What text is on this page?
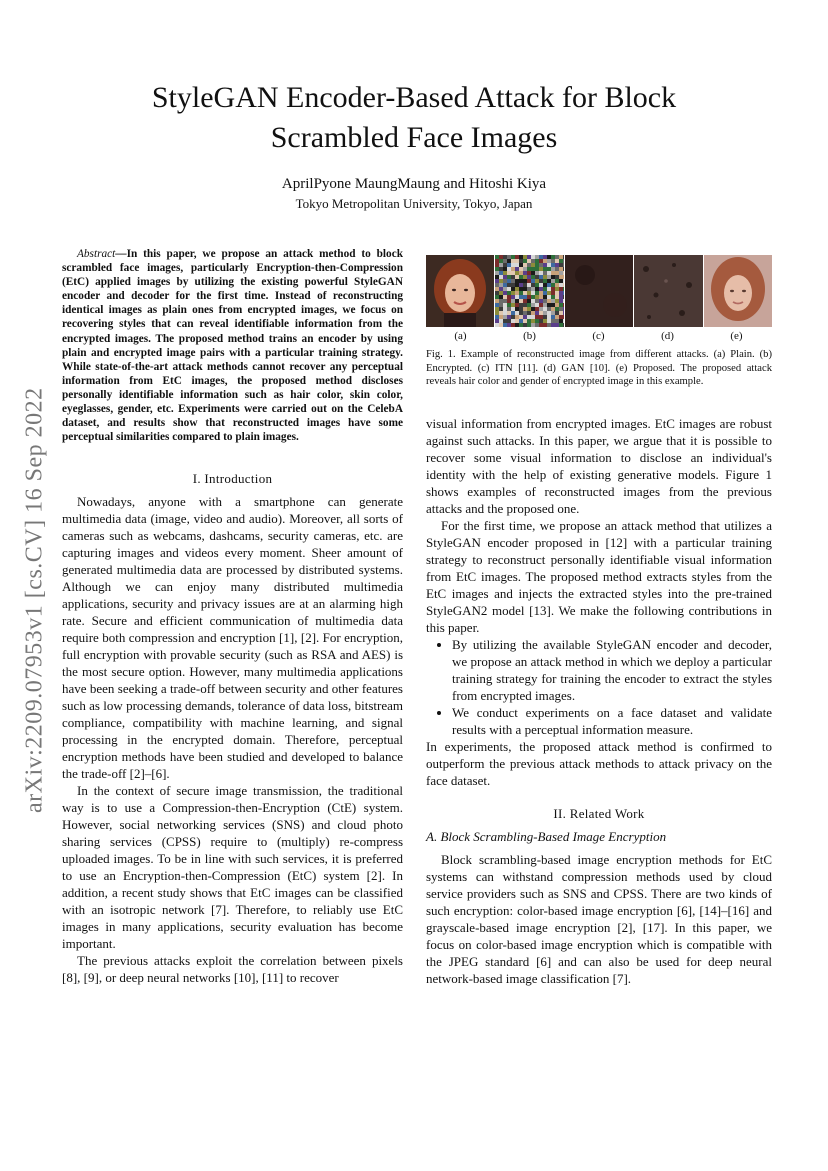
StyleGAN Encoder-Based Attack for Block
Scrambled Face Images
AprilPyone MaungMaung and Hitoshi Kiya
Tokyo Metropolitan University, Tokyo, Japan
arXiv:2209.07953v1 [cs.CV] 16 Sep 2022
Abstract—In this paper, we propose an attack method to block scrambled face images, particularly Encryption-then-Compression (EtC) applied images by utilizing the existing powerful StyleGAN encoder and decoder for the first time. Instead of reconstructing identical images as plain ones from encrypted images, we focus on recovering styles that can reveal identifiable information from the encrypted images. The proposed method trains an encoder by using plain and encrypted image pairs with a particular training strategy. While state-of-the-art attack methods cannot recover any perceptual information from EtC images, the proposed method discloses personally identifiable information such as hair color, skin color, eyeglasses, gender, etc. Experiments were carried out on the CelebA dataset, and results show that reconstructed images have some perceptual similarities compared to plain images.
I. Introduction

Nowadays, anyone with a smartphone can generate multimedia data (image, video and audio). Moreover, all sorts of cameras such as webcams, dashcams, security cameras, etc. are capturing images and videos every moment. Sheer amount of generated multimedia data are processed by distributed systems. Although we can enjoy many distributed multimedia applications, security and privacy issues are at an alarming high rate. Secure and efficient communication of multimedia data require both compression and encryption [1], [2]. For encryption, full encryption with provable security (such as RSA and AES) is the most secure option. However, many multimedia applications have been seeking a trade-off between security and other features such as low processing demands, tolerance of data loss, bitstream compliance, compatibility with machine learning, and signal processing in the encrypted domain. Therefore, perceptual encryption methods have been studied and developed to balance the trade-off [2]–[6].

In the context of secure image transmission, the traditional way is to use a Compression-then-Encryption (CtE) system. However, social networking services (SNS) and cloud photo sharing services (CPSS) require to (multiply) re-compress uploaded images. To be in line with such services, it is preferred to use an Encryption-then-Compression (EtC) system [2]. In addition, a recent study shows that EtC images can be classified with an isotropic network [7]. Therefore, to reliably use EtC images in many applications, security evaluation has become important.

The previous attacks exploit the correlation between pixels [8], [9], or deep neural networks [10], [11] to recover

(a)	(b)	(c)	(d)	(e)
Fig. 1. Example of reconstructed image from different attacks. (a) Plain. (b) Encrypted. (c) ITN [11]. (d) GAN [10]. (e) Proposed. The proposed attack reveals hair color and gender of encrypted image in this example.

visual information from encrypted images. EtC images are robust against such attacks. In this paper, we argue that it is possible to recover some visual information to disclose an individual's identity with the help of existing generative models. Figure 1 shows examples of reconstructed images from the previous attacks and the proposed one.

For the first time, we propose an attack method that utilizes a StyleGAN encoder proposed in [12] with a particular training strategy to reconstruct personally identifiable visual information from EtC images. The proposed method extracts styles from the EtC images and injects the extracted styles into the pre-trained StyleGAN2 model [13]. We make the following contributions in this paper.

• By utilizing the available StyleGAN encoder and decoder, we propose an attack method in which we deploy a particular training strategy for training the encoder to extract the styles from encrypted images.
• We conduct experiments on a face dataset and validate results with a perceptual information measure.

In experiments, the proposed attack method is confirmed to outperform the previous attack methods to attack privacy on the face dataset.

II. Related Work
A. Block Scrambling-Based Image Encryption

Block scrambling-based image encryption methods for EtC systems can withstand compression methods used by cloud service providers such as SNS and CPSS. There are two kinds of such encryption: color-based image encryption [6], [14]–[16] and grayscale-based image encryption [2], [17]. In this paper, we focus on color-based image encryption which is compatible with the JPEG standard [6] and can also be used for deep neural network-based image classification [7].
